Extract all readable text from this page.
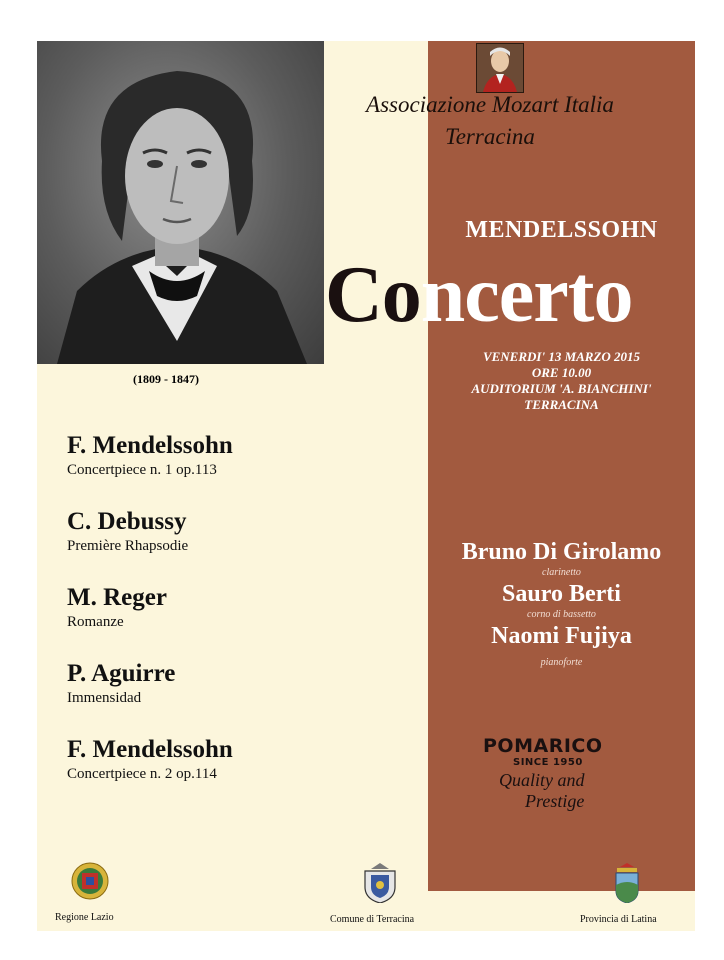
(1809 - 1847)
Associazione Mozart Italia
Terracina
MENDELSSOHN
Concerto
VENERDI' 13 MARZO 2015
ORE 10.00
AUDITORIUM 'A. BIANCHINI'
TERRACINA
F. Mendelssohn
Concertpiece n. 1 op.113
C. Debussy
Première Rhapsodie
M. Reger
Romanze
P. Aguirre
Immensidad
F. Mendelssohn
Concertpiece n. 2 op.114
Bruno Di Girolamo
clarinetto
Sauro Berti
corno di bassetto
Naomi Fujiya
pianoforte
POMARICO
SINCE 1950
Quality and
Prestige
Regione Lazio	Comune di Terracina	Provincia di Latina
